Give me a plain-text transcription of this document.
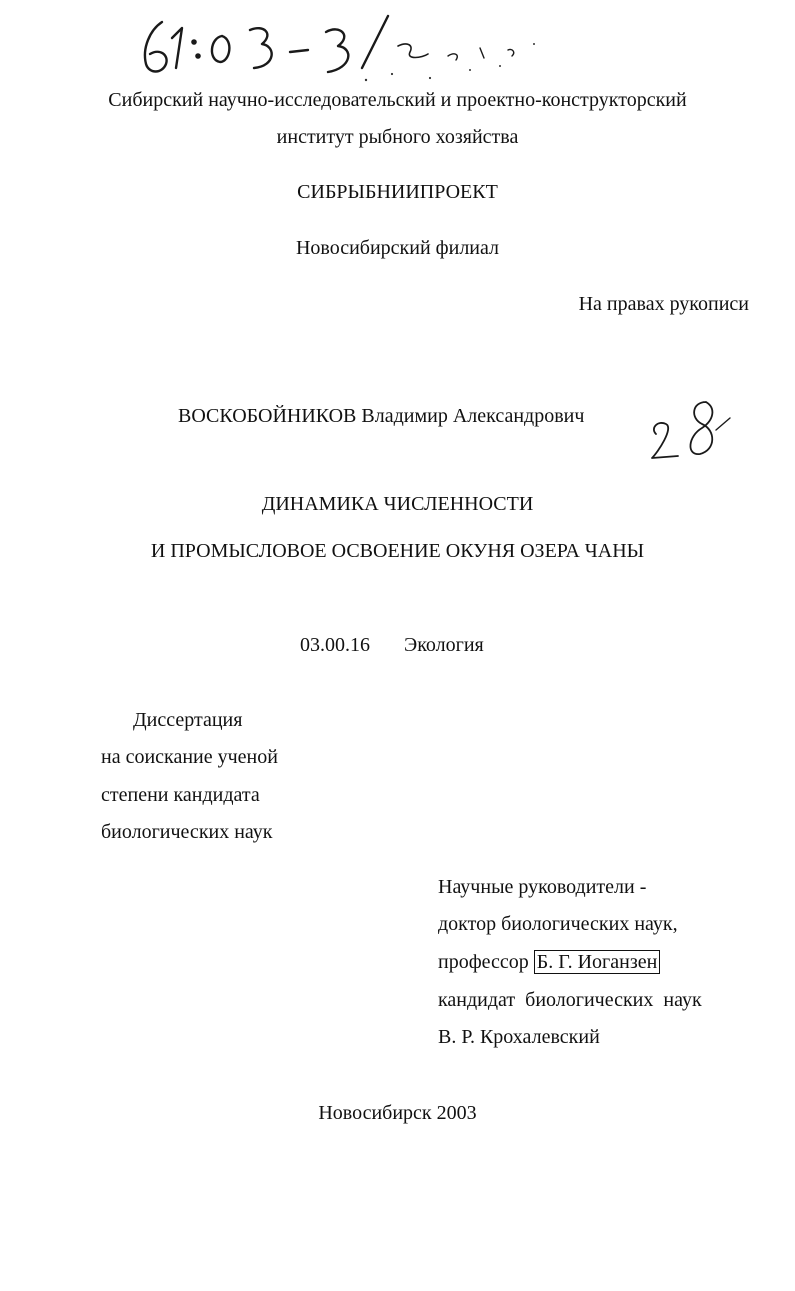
Сибирский научно-исследовательский и проектно-конструкторский
институт рыбного хозяйства
СИБРЫБНИИПРОЕКТ
Новосибирский филиал
На правах рукописи
ВОСКОБОЙНИКОВ Владимир Александрович
ДИНАМИКА ЧИСЛЕННОСТИ
И ПРОМЫСЛОВОЕ ОСВОЕНИЕ ОКУНЯ ОЗЕРА ЧАНЫ
03.00.16 Экология
Диссертация
на соискание ученой
степени кандидата
биологических наук
Научные руководители -
доктор биологических наук,
профессор Б. Г. Иоганзен
кандидат  биологических  наук
В. Р. Крохалевский
Новосибирск 2003
